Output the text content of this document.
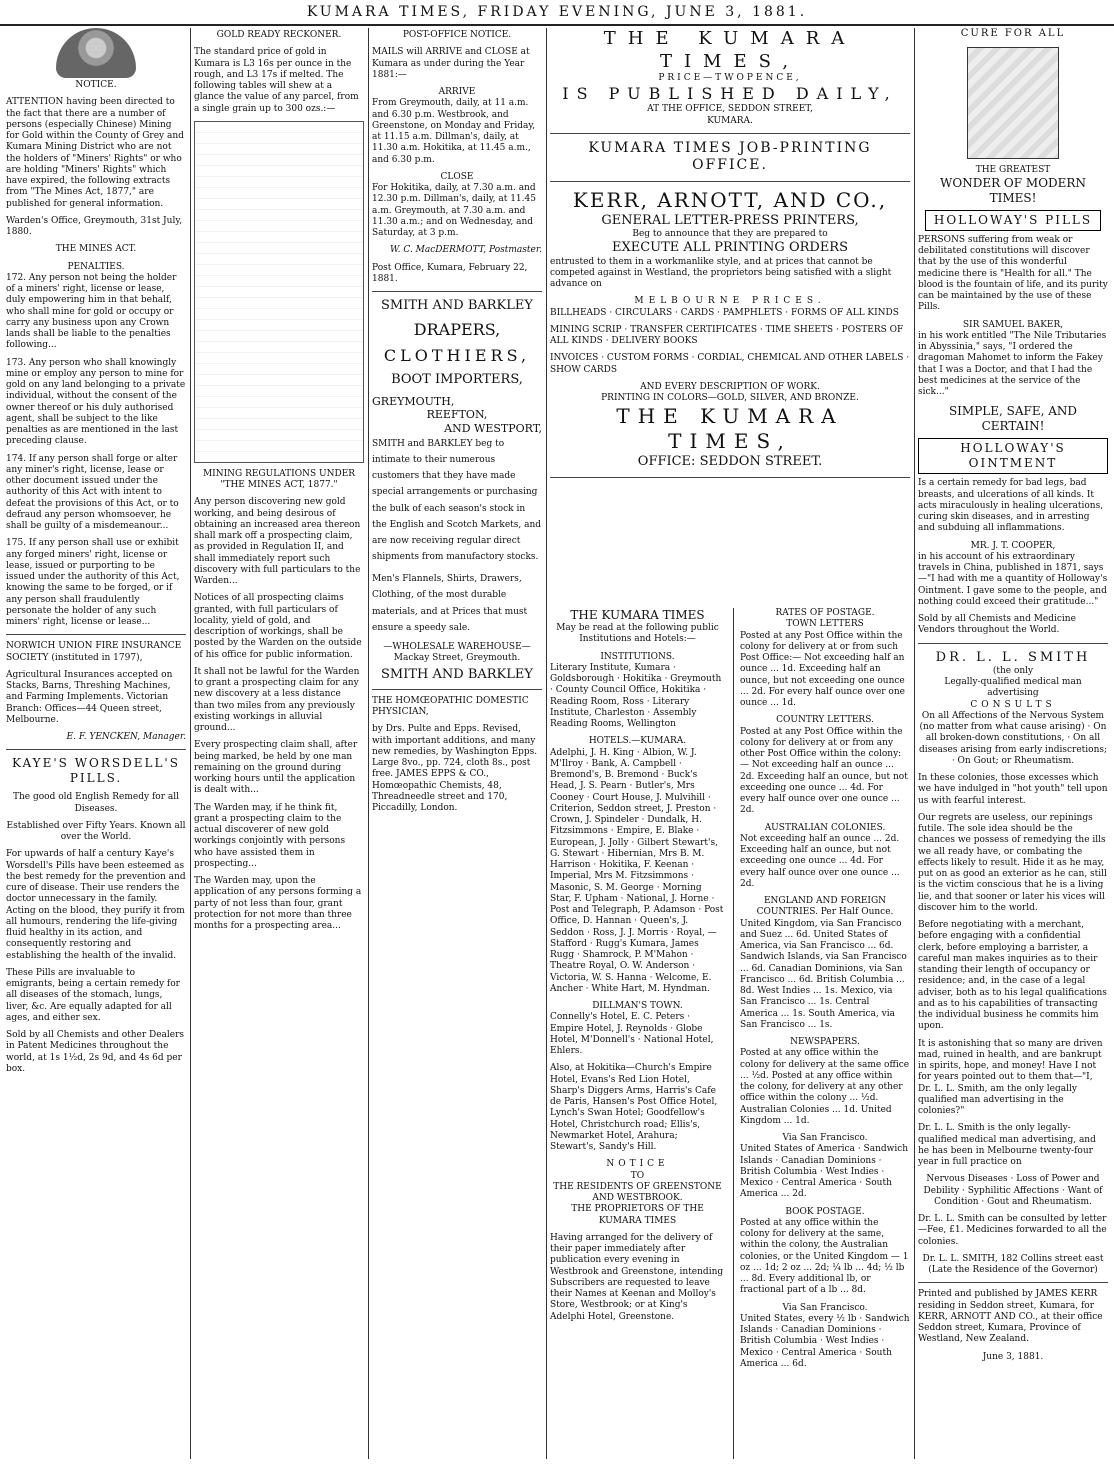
KUMARA TIMES, FRIDAY EVENING, JUNE 3, 1881.
NOTICE.

ATTENTION having been directed to the fact that there are a number of persons (especially Chinese) Mining for Gold within the County of Grey and Kumara Mining District who are not the holders of "Miners' Rights" or who are holding "Miners' Rights" which have expired, the following extracts from "The Mines Act, 1877," are published for general information.

Warden's Office, Greymouth, 31st July, 1880.

THE MINES ACT.
PENALTIES.

172. Any person not being the holder of a miners' right, license or lease, duly empowering him in that behalf, who shall mine for gold or occupy or carry any business upon any Crown lands shall be liable to the penalties following...

173. Any person who shall knowingly mine or employ any person to mine for gold on any land belonging to a private individual, without the consent of the owner thereof or his duly authorised agent, shall be subject to the like penalties as are mentioned in the last preceding clause.

174. If any person shall forge or alter any miner's right, license, lease or other document issued under the authority of this Act with intent to defeat the provisions of this Act, or to defraud any person whomsoever, he shall be guilty of a misdemeanour...

175. If any person shall use or exhibit any forged miners' right, license or lease, issued or purporting to be issued under the authority of this Act, knowing the same to be forged, or if any person shall fraudulently personate the holder of any such miners' right, license or lease...

NORWICH UNION FIRE INSURANCE SOCIETY (instituted in 1797),

Agricultural Insurances accepted on Stacks, Barns, Threshing Machines, and Farming Implements. Victorian Branch: Offices—44 Queen street, Melbourne.

E. F. YENCKEN, Manager.

KAYE'S WORSDELL'S PILLS.

The good old English Remedy for all Diseases.

Established over Fifty Years. Known all over the World.

For upwards of half a century Kaye's Worsdell's Pills have been esteemed as the best remedy for the prevention and cure of disease. Their use renders the doctor unnecessary in the family. Acting on the blood, they purify it from all humours, rendering the life-giving fluid healthy in its action, and consequently restoring and establishing the health of the invalid.

These Pills are invaluable to emigrants, being a certain remedy for all diseases of the stomach, lungs, liver, &c. Are equally adapted for all ages, and either sex.

Sold by all Chemists and other Dealers in Patent Medicines throughout the world, at 1s 1½d, 2s 9d, and 4s 6d per box.

GOLD READY RECKONER.

The standard price of gold in Kumara is L3 16s per ounce in the rough, and L3 17s if melted. The following tables will shew at a glance the value of any parcel, from a single grain up to 300 ozs.:—

MINING REGULATIONS UNDER "THE MINES ACT, 1877."

Any person discovering new gold working, and being desirous of obtaining an increased area thereon shall mark off a prospecting claim, as provided in Regulation II, and shall immediately report such discovery with full particulars to the Warden...

Notices of all prospecting claims granted, with full particulars of locality, yield of gold, and description of workings, shall be posted by the Warden on the outside of his office for public information.

It shall not be lawful for the Warden to grant a prospecting claim for any new discovery at a less distance than two miles from any previously existing workings in alluvial ground...

Every prospecting claim shall, after being marked, be held by one man remaining on the ground during working hours until the application is dealt with...

The Warden may, if he think fit, grant a prospecting claim to the actual discoverer of new gold workings conjointly with persons who have assisted them in prospecting...

The Warden may, upon the application of any persons forming a party of not less than four, grant protection for not more than three months for a prospecting area...

POST-OFFICE NOTICE.

MAILS will ARRIVE and CLOSE at Kumara as under during the Year 1881:—

ARRIVE

From Greymouth, daily, at 11 a.m. and 6.30 p.m. Westbrook, and Greenstone, on Monday and Friday, at 11.15 a.m. Dillman's, daily, at 11.30 a.m. Hokitika, at 11.45 a.m., and 6.30 p.m.

CLOSE

For Hokitika, daily, at 7.30 a.m. and 12.30 p.m. Dillman's, daily, at 11.45 a.m. Greymouth, at 7.30 a.m. and 11.30 a.m.; and on Wednesday, and Saturday, at 3 p.m.

W. C. MacDERMOTT, Postmaster.

Post Office, Kumara, February 22, 1881.

SMITH AND BARKLEY
DRAPERS,
CLOTHIERS,
BOOT IMPORTERS,
GREYMOUTH,
REEFTON,
AND WESTPORT,

SMITH and BARKLEY beg to intimate to their numerous customers that they have made special arrangements or purchasing the bulk of each season's stock in the English and Scotch Markets, and are now receiving regular direct shipments from manufactory stocks.

Men's Flannels, Shirts, Drawers, Clothing, of the most durable materials, and at Prices that must ensure a speedy sale.

—WHOLESALE WAREHOUSE—
Mackay Street, Greymouth.
SMITH AND BARKLEY

THE HOMŒOPATHIC DOMESTIC PHYSICIAN,

by Drs. Pulte and Epps. Revised, with important additions, and many new remedies, by Washington Epps. Large 8vo., pp. 724, cloth 8s., post free. JAMES EPPS & CO., Homœopathic Chemists, 48, Threadneedle street and 170, Piccadilly, London.

THE KUMARA TIMES,
PRICE—TWOPENCE,
IS PUBLISHED DAILY,
AT THE OFFICE, SEDDON STREET,
KUMARA.
KUMARA TIMES JOB-PRINTING OFFICE.
KERR, ARNOTT, AND CO.,
GENERAL LETTER-PRESS PRINTERS,
Beg to announce that they are prepared to
EXECUTE ALL PRINTING ORDERS

entrusted to them in a workmanlike style, and at prices that cannot be competed against in Westland, the proprietors being satisfied with a slight advance on

MELBOURNE PRICES.

BILLHEADS · CIRCULARS · CARDS · PAMPHLETS · FORMS OF ALL KINDS

MINING SCRIP · TRANSFER CERTIFICATES · TIME SHEETS · POSTERS OF ALL KINDS · DELIVERY BOOKS

INVOICES · CUSTOM FORMS · CORDIAL, CHEMICAL AND OTHER LABELS · SHOW CARDS

AND EVERY DESCRIPTION OF WORK.
PRINTING IN COLORS—GOLD, SILVER, AND BRONZE.
THE KUMARA TIMES,
OFFICE: SEDDON STREET.
THE KUMARA TIMES

May be read at the following public Institutions and Hotels:—

INSTITUTIONS.

Literary Institute, Kumara · Goldsborough · Hokitika · Greymouth · County Council Office, Hokitika · Reading Room, Ross · Literary Institute, Charleston · Assembly Reading Rooms, Wellington

HOTELS.—KUMARA.

Adelphi, J. H. King · Albion, W. J. M'Ilroy · Bank, A. Campbell · Bremond's, B. Bremond · Buck's Head, J. S. Pearn · Butler's, Mrs Cooney · Court House, J. Mulvihill · Criterion, Seddon street, J. Preston · Crown, J. Spindeler · Dundalk, H. Fitzsimmons · Empire, E. Blake · European, J. Jolly · Gilbert Stewart's, G. Stewart · Hibernian, Mrs B. M. Harrison · Hokitika, F. Keenan · Imperial, Mrs M. Fitzsimmons · Masonic, S. M. George · Morning Star, F. Upham · National, J. Horne · Post and Telegraph, P. Adamson · Post Office, D. Hannan · Queen's, J. Seddon · Ross, J. J. Morris · Royal, — Stafford · Rugg's Kumara, James Rugg · Shamrock, P. M'Mahon · Theatre Royal, O. W. Anderson · Victoria, W. S. Hanna · Welcome, E. Ancher · White Hart, M. Hyndman.

DILLMAN'S TOWN.

Connelly's Hotel, E. C. Peters · Empire Hotel, J. Reynolds · Globe Hotel, M'Donnell's · National Hotel, Ehlers.

Also, at Hokitika—Church's Empire Hotel, Evans's Red Lion Hotel, Sharp's Diggers Arms, Harris's Cafe de Paris, Hansen's Post Office Hotel, Lynch's Swan Hotel; Goodfellow's Hotel, Christchurch road; Ellis's, Newmarket Hotel, Arahura; Stewart's, Sandy's Hill.

NOTICE
TO
THE RESIDENTS OF GREENSTONE AND WESTBROOK.

THE PROPRIETORS OF THE KUMARA TIMES

Having arranged for the delivery of their paper immediately after publication every evening in Westbrook and Greenstone, intending Subscribers are requested to leave their Names at Keenan and Molloy's Store, Westbrook; or at King's Adelphi Hotel, Greenstone.

RATES OF POSTAGE.
TOWN LETTERS

Posted at any Post Office within the colony for delivery at or from such Post Office:— Not exceeding half an ounce ... 1d. Exceeding half an ounce, but not exceeding one ounce ... 2d. For every half ounce over one ounce ... 1d.

COUNTRY LETTERS.

Posted at any Post Office within the colony for delivery at or from any other Post Office within the colony:— Not exceeding half an ounce ... 2d. Exceeding half an ounce, but not exceeding one ounce ... 4d. For every half ounce over one ounce ... 2d.

AUSTRALIAN COLONIES.

Not exceeding half an ounce ... 2d. Exceeding half an ounce, but not exceeding one ounce ... 4d. For every half ounce over one ounce ... 2d.

ENGLAND AND FOREIGN COUNTRIES. Per Half Ounce.

United Kingdom, via San Francisco and Suez ... 6d. United States of America, via San Francisco ... 6d. Sandwich Islands, via San Francisco ... 6d. Canadian Dominions, via San Francisco ... 6d. British Columbia ... 8d. West Indies ... 1s. Mexico, via San Francisco ... 1s. Central America ... 1s. South America, via San Francisco ... 1s.

NEWSPAPERS.

Posted at any office within the colony for delivery at the same office ... ½d. Posted at any office within the colony, for delivery at any other office within the colony ... ½d. Australian Colonies ... 1d. United Kingdom ... 1d.

Via San Francisco.

United States of America · Sandwich Islands · Canadian Dominions · British Columbia · West Indies · Mexico · Central America · South America ... 2d.

BOOK POSTAGE.

Posted at any office within the colony for delivery at the same, within the colony, the Australian colonies, or the United Kingdom — 1 oz ... 1d; 2 oz ... 2d; ¼ lb ... 4d; ½ lb ... 8d. Every additional lb, or fractional part of a lb ... 8d.

Via San Francisco.

United States, every ½ lb · Sandwich Islands · Canadian Dominions · British Columbia · West Indies · Mexico · Central America · South America ... 6d.

CURE FOR ALL
THE GREATEST
WONDER OF MODERN TIMES!
HOLLOWAY'S PILLS

PERSONS suffering from weak or debilitated constitutions will discover that by the use of this wonderful medicine there is "Health for all." The blood is the fountain of life, and its purity can be maintained by the use of these Pills.

SIR SAMUEL BAKER,

in his work entitled "The Nile Tributaries in Abyssinia," says, "I ordered the dragoman Mahomet to inform the Fakey that I was a Doctor, and that I had the best medicines at the service of the sick..."

SIMPLE, SAFE, AND CERTAIN!
HOLLOWAY'S OINTMENT

Is a certain remedy for bad legs, bad breasts, and ulcerations of all kinds. It acts miraculously in healing ulcerations, curing skin diseases, and in arresting and subduing all inflammations.

MR. J. T. COOPER,

in his account of his extraordinary travels in China, published in 1871, says—"I had with me a quantity of Holloway's Ointment. I gave some to the people, and nothing could exceed their gratitude..."

Sold by all Chemists and Medicine Vendors throughout the World.

DR. L. L. SMITH
(the only
Legally-qualified medical man advertising
CONSULTS

On all Affections of the Nervous System (no matter from what cause arising) · On all broken-down constitutions, · On all diseases arising from early indiscretions; · On Gout; or Rheumatism.

In these colonies, those excesses which we have indulged in "hot youth" tell upon us with fearful interest.

Our regrets are useless, our repinings futile. The sole idea should be the chances we possess of remedying the ills we all ready have, or combating the effects likely to result. Hide it as he may, put on as good an exterior as he can, still is the victim conscious that he is a living lie, and that sooner or later his vices will discover him to the world.

Before negotiating with a merchant, before engaging with a confidential clerk, before employing a barrister, a careful man makes inquiries as to their standing their length of occupancy or residence; and, in the case of a legal adviser, both as to his legal qualifications and as to his capabilities of transacting the individual business he commits him upon.

It is astonishing that so many are driven mad, ruined in health, and are bankrupt in spirits, hope, and money! Have I not for years pointed out to them that—"I, Dr. L. L. Smith, am the only legally qualified man advertising in the colonies?"

Dr. L. L. Smith is the only legally-qualified medical man advertising, and he has been in Melbourne twenty-four year in full practice on

Nervous Diseases · Loss of Power and Debility · Syphilitic Affections · Want of Condition · Gout and Rheumatism.

Dr. L. L. Smith can be consulted by letter—Fee, £1. Medicines forwarded to all the colonies.

Dr. L. L. SMITH, 182 Collins street east (Late the Residence of the Governor)

Printed and published by JAMES KERR residing in Seddon street, Kumara, for KERR, ARNOTT AND CO., at their office Seddon street, Kumara, Province of Westland, New Zealand.

June 3, 1881.
